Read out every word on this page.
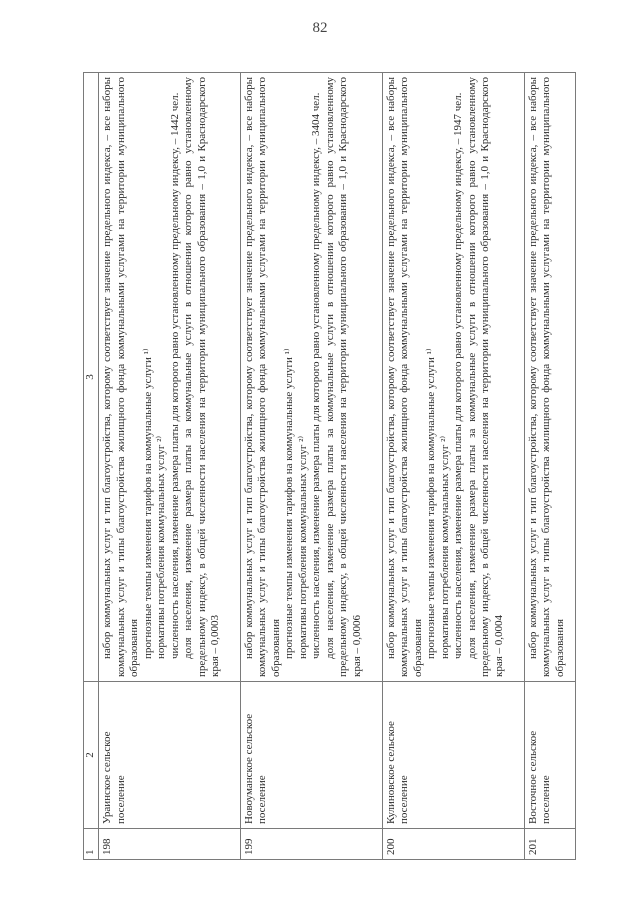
82
1	2	3
198	Ураинское сельское поселение	набор коммунальных услуг и тип благоустройства, которому соответствует значение предельного индекса, – все наборы коммунальных услуг и типы благоустройства жилищного фонда коммунальными услугами на территории муниципального образования прогнозные темпы изменения тарифов на коммунальные услуги ¹⁾ нормативы потребления коммунальных услуг ²⁾ численность населения, изменение размера платы для которого равно установленному предельному индексу, – 1442 чел. доля населения, изменение размера платы за коммунальные услуги в отношении которого равно установленному предельному индексу, в общей численности населения на территории муниципального образования – 1,0 и Краснодарского края – 0,0003

199	Новоуманское сельское поселение	набор коммунальных услуг и тип благоустройства, которому соответствует значение предельного индекса, – все наборы коммунальных услуг и типы благоустройства жилищного фонда коммунальными услугами на территории муниципального образования прогнозные темпы изменения тарифов на коммунальные услуги ¹⁾ нормативы потребления коммунальных услуг ²⁾ численность населения, изменение размера платы для которого равно установленному предельному индексу, – 3404 чел. доля населения, изменение размера платы за коммунальные услуги в отношении которого равно установленному предельному индексу, в общей численности населения на территории муниципального образования – 1,0 и Краснодарского края – 0,0006

200	Кулиновское сельское поселение	набор коммунальных услуг и тип благоустройства, которому соответствует значение предельного индекса, – все наборы коммунальных услуг и типы благоустройства жилищного фонда коммунальными услугами на территории муниципального образования прогнозные темпы изменения тарифов на коммунальные услуги ¹⁾ нормативы потребления коммунальных услуг ²⁾ численность населения, изменение размера платы для которого равно установленному предельному индексу, – 1947 чел. доля населения, изменение размера платы за коммунальные услуги в отношении которого равно установленному предельному индексу, в общей численности населения на территории муниципального образования – 1,0 и Краснодарского края – 0,0004

201	Восточное сельское поселение	набор коммунальных услуг и тип благоустройства, которому соответствует значение предельного индекса, – все наборы коммунальных услуг и типы благоустройства жилищного фонда коммунальными услугами на территории муниципального образования
